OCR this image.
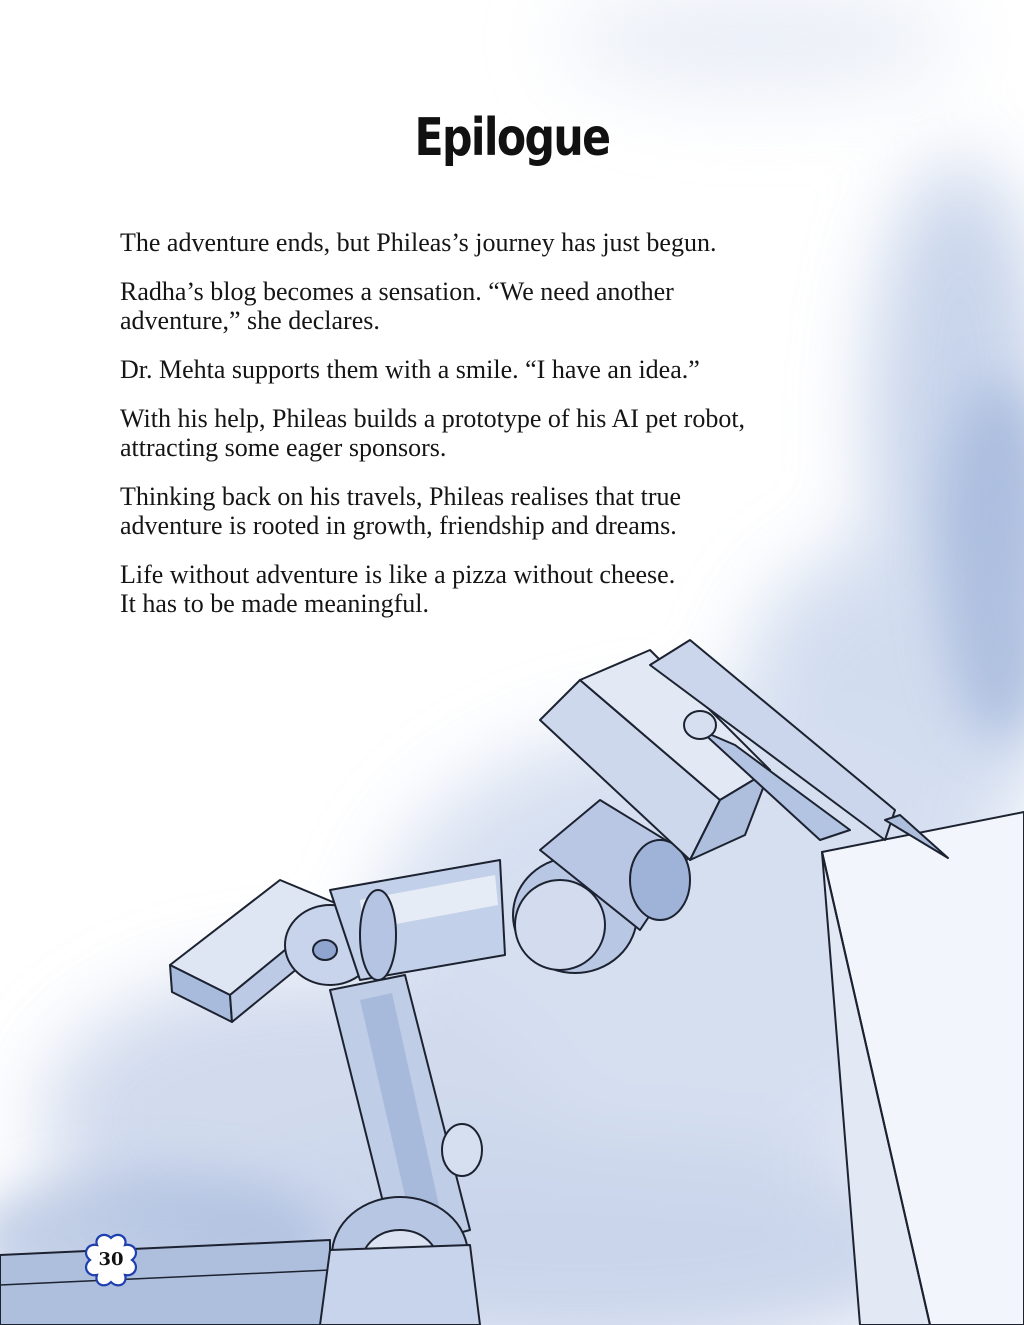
Epilogue

The adventure ends, but Phileas’s journey has just begun.

Radha’s blog becomes a sensation. “We need another
adventure,” she declares.

Dr. Mehta supports them with a smile. “I have an idea.”

With his help, Phileas builds a prototype of his AI pet robot,
attracting some eager sponsors.

Thinking back on his travels, Phileas realises that true
adventure is rooted in growth, friendship and dreams.

Life without adventure is like a pizza without cheese.
It has to be made meaningful.

30
